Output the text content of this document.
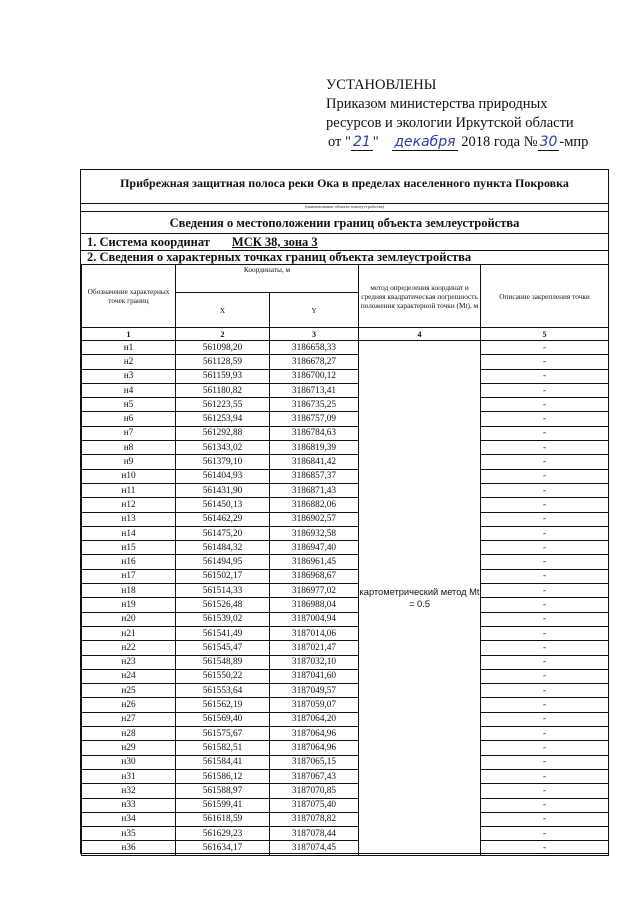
УСТАНОВЛЕНЫ
Приказом министерства природных
ресурсов и экологии Иркутской области
от " 21 " декабря 2018 года № 30 -мпр
Прибрежная защитная полоса реки Ока в пределах населенного пункта Покровка
(наименование объекта землеустройства)
Сведения о местоположении границ объекта землеустройства
1. Система координат МСК 38, зона 3
2. Сведения о характерных точках границ объекта землеустройства
Обозначение характерных точек границ	Координаты, м		метод определения координат и средняя квадратическая погрешность положения характерной точки (Mt), м	Описание закрепления точки
	X	Y		
1	2	3	4	5
н1	561098,20	3186658,33	картометрический метод Mt = 0.5	-
н2	561128,59	3186678,27		-
н3	561159,93	3186700,12		-
н4	561180,82	3186713,41		-
н5	561223,55	3186735,25		-
н6	561253,94	3186757,09		-
н7	561292,88	3186784,63		-
н8	561343,02	3186819,39		-
н9	561379,10	3186841,42		-
н10	561404,93	3186857,37		-
н11	561431,90	3186871,43		-
н12	561450,13	3186882,06		-
н13	561462,29	3186902,57		-
н14	561475,20	3186932,58		-
н15	561484,32	3186947,40		-
н16	561494,95	3186961,45		-
н17	561502,17	3186968,67		-
н18	561514,33	3186977,02		-
н19	561526,48	3186988,04		-
н20	561539,02	3187004,94		-
н21	561541,49	3187014,06		-
н22	561545,47	3187021,47		-
н23	561548,89	3187032,10		-
н24	561550,22	3187041,60		-
н25	561553,64	3187049,57		-
н26	561562,19	3187059,07		-
н27	561569,40	3187064,20		-
н28	561575,67	3187064,96		-
н29	561582,51	3187064,96		-
н30	561584,41	3187065,15		-
н31	561586,12	3187067,43		-
н32	561588,97	3187070,85		-
н33	561599,41	3187075,40		-
н34	561618,59	3187078,82		-
н35	561629,23	3187078,44		-
н36	561634,17	3187074,45		-
